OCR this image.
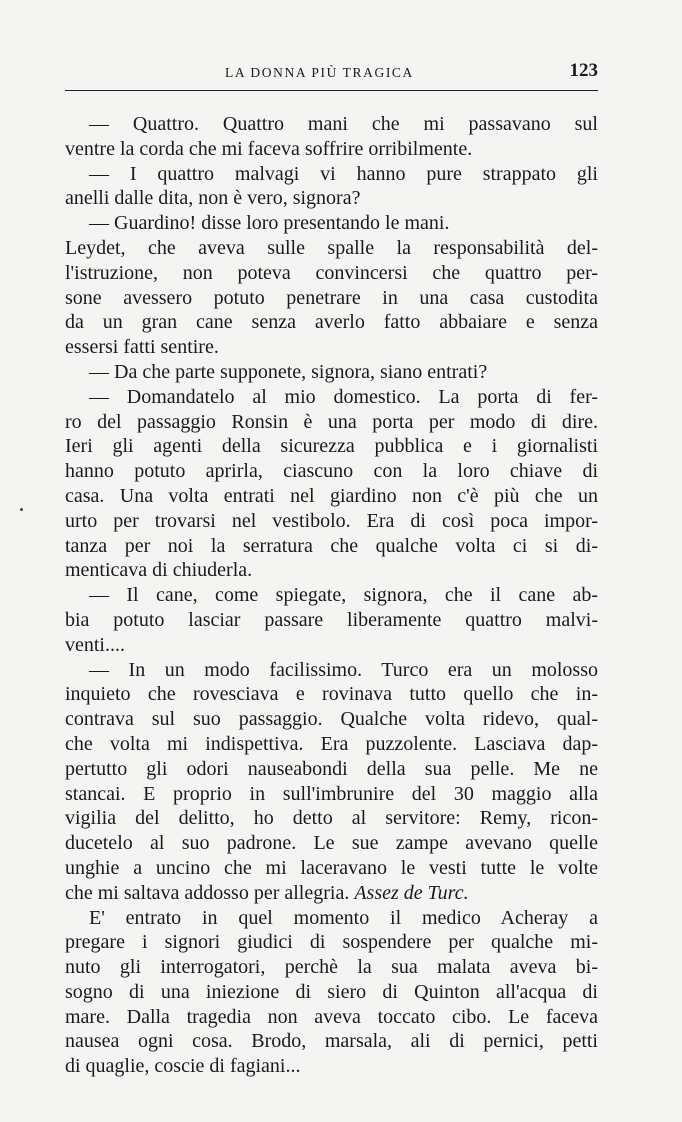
LA DONNA PIÙ TRAGICA	123
— Quattro. Quattro mani che mi passavano sul
ventre la corda che mi faceva soffrire orribilmente.
— I quattro malvagi vi hanno pure strappato gli
anelli dalle dita, non è vero, signora?
— Guardino! disse loro presentando le mani.
Leydet, che aveva sulle spalle la responsabilità del-
l'istruzione, non poteva convincersi che quattro per-
sone avessero potuto penetrare in una casa custodita
da un gran cane senza averlo fatto abbaiare e senza
essersi fatti sentire.
— Da che parte supponete, signora, siano entrati?
— Domandatelo al mio domestico. La porta di fer-
ro del passaggio Ronsin è una porta per modo di dire.
Ieri gli agenti della sicurezza pubblica e i giornalisti
hanno potuto aprirla, ciascuno con la loro chiave di
casa. Una volta entrati nel giardino non c'è più che un
urto per trovarsi nel vestibolo. Era di così poca impor-
tanza per noi la serratura che qualche volta ci si di-
menticava di chiuderla.
— Il cane, come spiegate, signora, che il cane ab-
bia potuto lasciar passare liberamente quattro malvi-
venti....
— In un modo facilissimo. Turco era un molosso
inquieto che rovesciava e rovinava tutto quello che in-
contrava sul suo passaggio. Qualche volta ridevo, qual-
che volta mi indispettiva. Era puzzolente. Lasciava dap-
pertutto gli odori nauseabondi della sua pelle. Me ne
stancai. E proprio in sull'imbrunire del 30 maggio alla
vigilia del delitto, ho detto al servitore: Remy, ricon-
ducetelo al suo padrone. Le sue zampe avevano quelle
unghie a uncino che mi laceravano le vesti tutte le volte
che mi saltava addosso per allegria. Assez de Turc.
E' entrato in quel momento il medico Acheray a
pregare i signori giudici di sospendere per qualche mi-
nuto gli interrogatori, perchè la sua malata aveva bi-
sogno di una iniezione di siero di Quinton all'acqua di
mare. Dalla tragedia non aveva toccato cibo. Le faceva
nausea ogni cosa. Brodo, marsala, ali di pernici, petti
di quaglie, coscie di fagiani...
